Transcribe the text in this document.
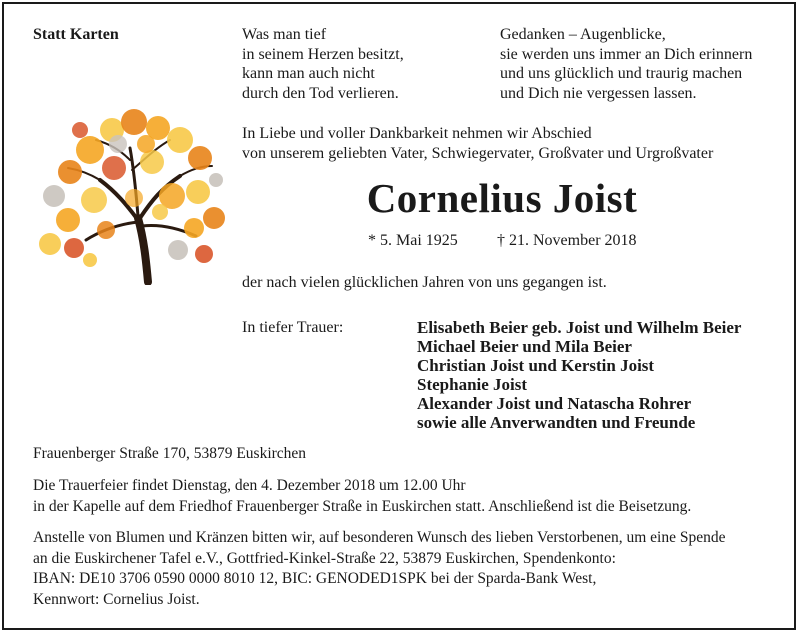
Statt Karten	Was man tief
in seinem Herzen besitzt,
kann man auch nicht
durch den Tod verlieren.
Gedanken – Augenblicke,
sie werden uns immer an Dich erinnern
und uns glücklich und traurig machen
und Dich nie vergessen lassen.
In Liebe und voller Dankbarkeit nehmen wir Abschied
von unserem geliebten Vater, Schwiegervater, Großvater und Urgroßvater
Cornelius Joist
* 5. Mai 1925 † 21. November 2018
der nach vielen glücklichen Jahren von uns gegangen ist.
In tiefer Trauer:	Elisabeth Beier geb. Joist und Wilhelm Beier
Michael Beier und Mila Beier
Christian Joist und Kerstin Joist
Stephanie Joist
Alexander Joist und Natascha Rohrer
sowie alle Anverwandten und Freunde
Frauenberger Straße 170, 53879 Euskirchen
Die Trauerfeier findet Dienstag, den 4. Dezember 2018 um 12.00 Uhr
in der Kapelle auf dem Friedhof Frauenberger Straße in Euskirchen statt. Anschließend ist die Beisetzung.
Anstelle von Blumen und Kränzen bitten wir, auf besonderen Wunsch des lieben Verstorbenen, um eine Spende
an die Euskirchener Tafel e.V., Gottfried-Kinkel-Straße 22, 53879 Euskirchen, Spendenkonto:
IBAN: DE10 3706 0590 0000 8010 12, BIC: GENODED1SPK bei der Sparda-Bank West,
Kennwort: Cornelius Joist.
